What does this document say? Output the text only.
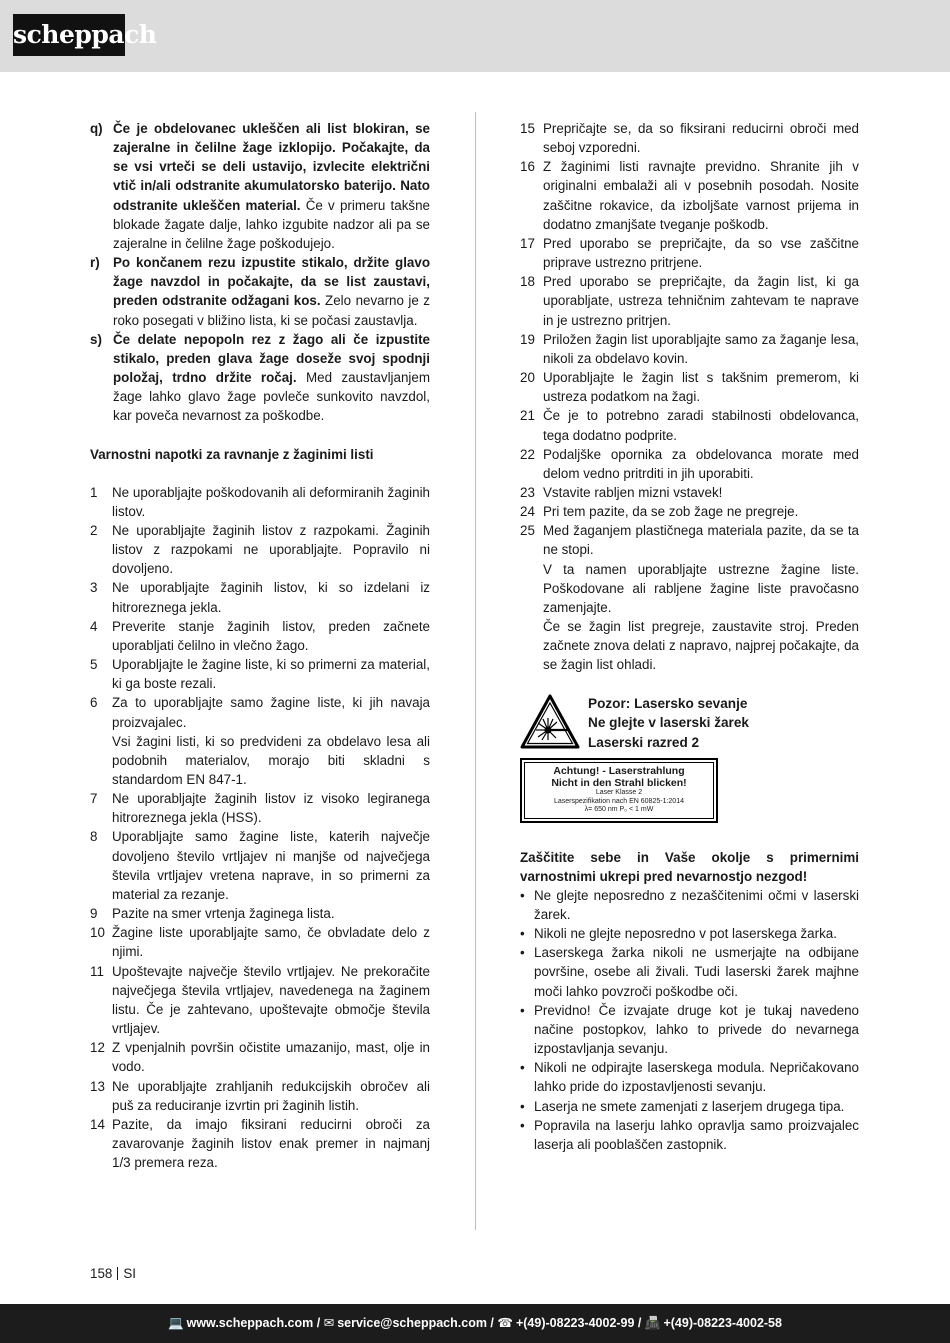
scheppach
q) Če je obdelovanec ukleščen ali list blokiran, se zajeralne in čelilne žage izklopijo. Počakajte, da se vsi vrteči se deli ustavijo, izvlecite električni vtič in/ali odstranite akumulatorsko baterijo. Nato odstranite ukleščen material. Če v primeru takšne blokade žagate dalje, lahko izgubite nadzor ali pa se zajeralne in čelilne žage poškodujejo.
r) Po končanem rezu izpustite stikalo, držite glavo žage navzdol in počakajte, da se list zaustavi, preden odstranite odžagani kos. Zelo nevarno je z roko posegati v bližino lista, ki se počasi zaustavlja.
s) Če delate nepopoln rez z žago ali če izpustite stikalo, preden glava žage doseže svoj spodnji položaj, trdno držite ročaj. Med zaustavljanjem žage lahko glavo žage povleče sunkovito navzdol, kar poveča nevarnost za poškodbe.
Varnostni napotki za ravnanje z žaginimi listi
1	Ne uporabljajte poškodovanih ali deformiranih žaginih listov.
2	Ne uporabljajte žaginih listov z razpokami. Žaginih listov z razpokami ne uporabljajte. Popravilo ni dovoljeno.
3	Ne uporabljajte žaginih listov, ki so izdelani iz hitroreznega jekla.
4	Preverite stanje žaginih listov, preden začnete uporabljati čelilno in vlečno žago.
5	Uporabljajte le žagine liste, ki so primerni za material, ki ga boste rezali.
6	Za to uporabljajte samo žagine liste, ki jih navaja proizvajalec.
Vsi žagini listi, ki so predvideni za obdelavo lesa ali podobnih materialov, morajo biti skladni s standardom EN 847-1.
7	Ne uporabljajte žaginih listov iz visoko legiranega hitroreznega jekla (HSS).
8	Uporabljajte samo žagine liste, katerih največje dovoljeno število vrtljajev ni manjše od največjega števila vrtljajev vretena naprave, in so primerni za material za rezanje.
9	Pazite na smer vrtenja žaginega lista.
10 Žagine liste uporabljajte samo, če obvladate delo z njimi.
11 Upoštevajte največje število vrtljajev. Ne prekoračite največjega števila vrtljajev, navedenega na žaginem listu. Če je zahtevano, upoštevajte območje števila vrtljajev.
12 Z vpenjalnih površin očistite umazanijo, mast, olje in vodo.
13 Ne uporabljajte zrahljanih redukcijskih obročev ali puš za reduciranje izvrtin pri žaginih listih.
14 Pazite, da imajo fiksirani reducirni obroči za zavarovanje žaginih listov enak premer in najmanj 1/3 premera reza.
15 Prepričajte se, da so fiksirani reducirni obroči med seboj vzporedni.
16 Z žaginimi listi ravnajte previdno. Shranite jih v originalni embalaži ali v posebnih posodah. Nosite zaščitne rokavice, da izboljšate varnost prijema in dodatno zmanjšate tveganje poškodb.
17 Pred uporabo se prepričajte, da so vse zaščitne priprave ustrezno pritrjene.
18 Pred uporabo se prepričajte, da žagin list, ki ga uporabljate, ustreza tehničnim zahtevam te naprave in je ustrezno pritrjen.
19 Priložen žagin list uporabljajte samo za žaganje lesa, nikoli za obdelavo kovin.
20 Uporabljajte le žagin list s takšnim premerom, ki ustreza podatkom na žagi.
21 Če je to potrebno zaradi stabilnosti obdelovanca, tega dodatno podprite.
22 Podaljške opornika za obdelovanca morate med delom vedno pritrditi in jih uporabiti.
23 Vstavite rabljen mizni vstavek!
24 Pri tem pazite, da se zob žage ne pregreje.
25 Med žaganjem plastičnega materiala pazite, da se ta ne stopi.
V ta namen uporabljajte ustrezne žagine liste. Poškodovane ali rabljene žagine liste pravočasno zamenjajte.
Če se žagin list pregreje, zaustavite stroj. Preden začnete znova delati z napravo, najprej počakajte, da se žagin list ohladi.
Pozor: Lasersko sevanje
Ne glejte v laserski žarek
Laserski razred 2
Achtung! - Laserstrahlung
Nicht in den Strahl blicken!
Laser Klasse 2
Laserspezifikation nach EN 60825-1:2014
λ= 650 nm P₀ < 1 mW
Zaščitite sebe in Vaše okolje s primernimi varnostnimi ukrepi pred nevarnostjo nezgod!
• Ne glejte neposredno z nezaščitenimi očmi v laserski žarek.
• Nikoli ne glejte neposredno v pot laserskega žarka.
• Laserskega žarka nikoli ne usmerjajte na odbijane površine, osebe ali živali. Tudi laserski žarek majhne moči lahko povzroči poškodbe oči.
• Previdno! Če izvajate druge kot je tukaj navedeno načine postopkov, lahko to privede do nevarnega izpostavljanja sevanju.
• Nikoli ne odpirajte laserskega modula. Nepričakovano lahko pride do izpostavljenosti sevanju.
• Laserja ne smete zamenjati z laserjem drugega tipa.
• Popravila na laserju lahko opravlja samo proizvajalec laserja ali pooblaščen zastopnik.
158 SI
💻 www.scheppach.com / ✉ service@scheppach.com / ☎ +(49)-08223-4002-99 / 📠 +(49)-08223-4002-58
